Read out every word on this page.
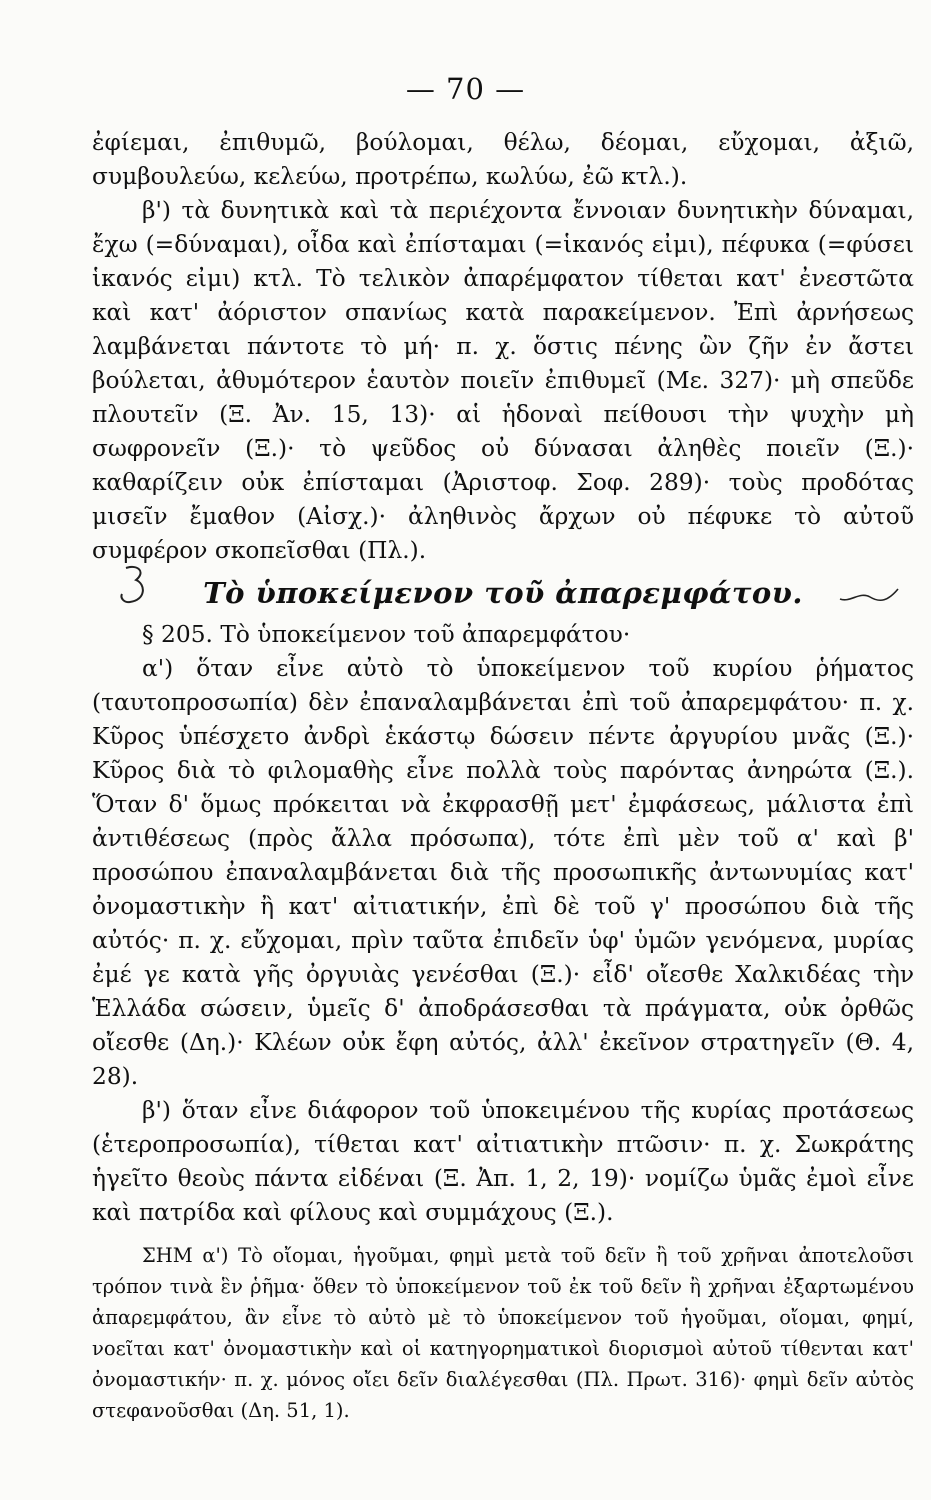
— 70 —

ἐφίεμαι, ἐπιθυμῶ, βούλομαι, θέλω, δέομαι, εὔχομαι, ἀξιῶ, συμβουλεύω, κελεύω, προτρέπω, κωλύω, ἐῶ κτλ.).

β') τὰ δυνητικὰ καὶ τὰ περιέχοντα ἔννοιαν δυνητικὴν δύναμαι, ἔχω (=δύναμαι), οἶδα καὶ ἐπίσταμαι (=ἱκανός εἰμι), πέφυκα (=φύσει ἱκανός εἰμι) κτλ. Τὸ τελικὸν ἀπαρέμφατον τίθεται κατ' ἐνεστῶτα καὶ κατ' ἀόριστον σπανίως κατὰ παρακείμενον. Ἐπὶ ἀρνήσεως λαμβάνεται πάντοτε τὸ μή· π. χ. ὅστις πένης ὢν ζῆν ἐν ἄστει βούλεται, ἀθυμότερον ἑαυτὸν ποιεῖν ἐπιθυμεῖ (Με. 327)· μὴ σπεῦδε πλουτεῖν (Ξ. Ἀν. 15, 13)· αἱ ἡδοναὶ πείθουσι τὴν ψυχὴν μὴ σωφρονεῖν (Ξ.)· τὸ ψεῦδος οὐ δύνασαι ἀληθὲς ποιεῖν (Ξ.)· καθαρίζειν οὐκ ἐπίσταμαι (Ἀριστοφ. Σοφ. 289)· τοὺς προδότας μισεῖν ἔμαθον (Αἰσχ.)· ἀληθινὸς ἄρχων οὐ πέφυκε τὸ αὐτοῦ συμφέρον σκοπεῖσθαι (Πλ.).

Τὸ ὑποκείμενον τοῦ ἀπαρεμφάτου.

§ 205. Τὸ ὑποκείμενον τοῦ ἀπαρεμφάτου·

α') ὅταν εἶνε αὐτὸ τὸ ὑποκείμενον τοῦ κυρίου ῥήματος (ταυτοπροσωπία) δὲν ἐπαναλαμβάνεται ἐπὶ τοῦ ἀπαρεμφάτου· π. χ. Κῦρος ὑπέσχετο ἀνδρὶ ἑκάστῳ δώσειν πέντε ἀργυρίου μνᾶς (Ξ.)· Κῦρος διὰ τὸ φιλομαθὴς εἶνε πολλὰ τοὺς παρόντας ἀνηρώτα (Ξ.). Ὅταν δ' ὅμως πρόκειται νὰ ἐκφρασθῇ μετ' ἐμφάσεως, μάλιστα ἐπὶ ἀντιθέσεως (πρὸς ἄλλα πρόσωπα), τότε ἐπὶ μὲν τοῦ α' καὶ β' προσώπου ἐπαναλαμβάνεται διὰ τῆς προσωπικῆς ἀντωνυμίας κατ' ὀνομαστικὴν ἢ κατ' αἰτιατικήν, ἐπὶ δὲ τοῦ γ' προσώπου διὰ τῆς αὐτός· π. χ. εὔχομαι, πρὶν ταῦτα ἐπιδεῖν ὑφ' ὑμῶν γενόμενα, μυρίας ἐμέ γε κατὰ γῆς ὀργυιὰς γενέσθαι (Ξ.)· εἶδ' οἴεσθε Χαλκιδέας τὴν Ἑλλάδα σώσειν, ὑμεῖς δ' ἀποδράσεσθαι τὰ πράγματα, οὐκ ὀρθῶς οἴεσθε (Δη.)· Κλέων οὐκ ἔφη αὐτός, ἀλλ' ἐκεῖνον στρατηγεῖν (Θ. 4, 28).

β') ὅταν εἶνε διάφορον τοῦ ὑποκειμένου τῆς κυρίας προτάσεως (ἑτεροπροσωπία), τίθεται κατ' αἰτιατικὴν πτῶσιν· π. χ. Σωκράτης ἡγεῖτο θεοὺς πάντα εἰδέναι (Ξ. Ἀπ. 1, 2, 19)· νομίζω ὑμᾶς ἐμοὶ εἶνε καὶ πατρίδα καὶ φίλους καὶ συμμάχους (Ξ.).

ΣΗΜ α') Τὸ οἴομαι, ἡγοῦμαι, φημὶ μετὰ τοῦ δεῖν ἢ τοῦ χρῆναι ἀποτελοῦσι τρόπον τινὰ ἓν ῥῆμα· ὅθεν τὸ ὑποκείμενον τοῦ ἐκ τοῦ δεῖν ἢ χρῆναι ἐξαρτωμένου ἀπαρεμφάτου, ἂν εἶνε τὸ αὐτὸ μὲ τὸ ὑποκείμενον τοῦ ἡγοῦμαι, οἴομαι, φημί, νοεῖται κατ' ὀνομαστικὴν καὶ οἱ κατηγορηματικοὶ διορισμοὶ αὐτοῦ τίθενται κατ' ὀνομαστικήν· π. χ. μόνος οἴει δεῖν διαλέγεσθαι (Πλ. Πρωτ. 316)· φημὶ δεῖν αὐτὸς στεφανοῦσθαι (Δη. 51, 1).
